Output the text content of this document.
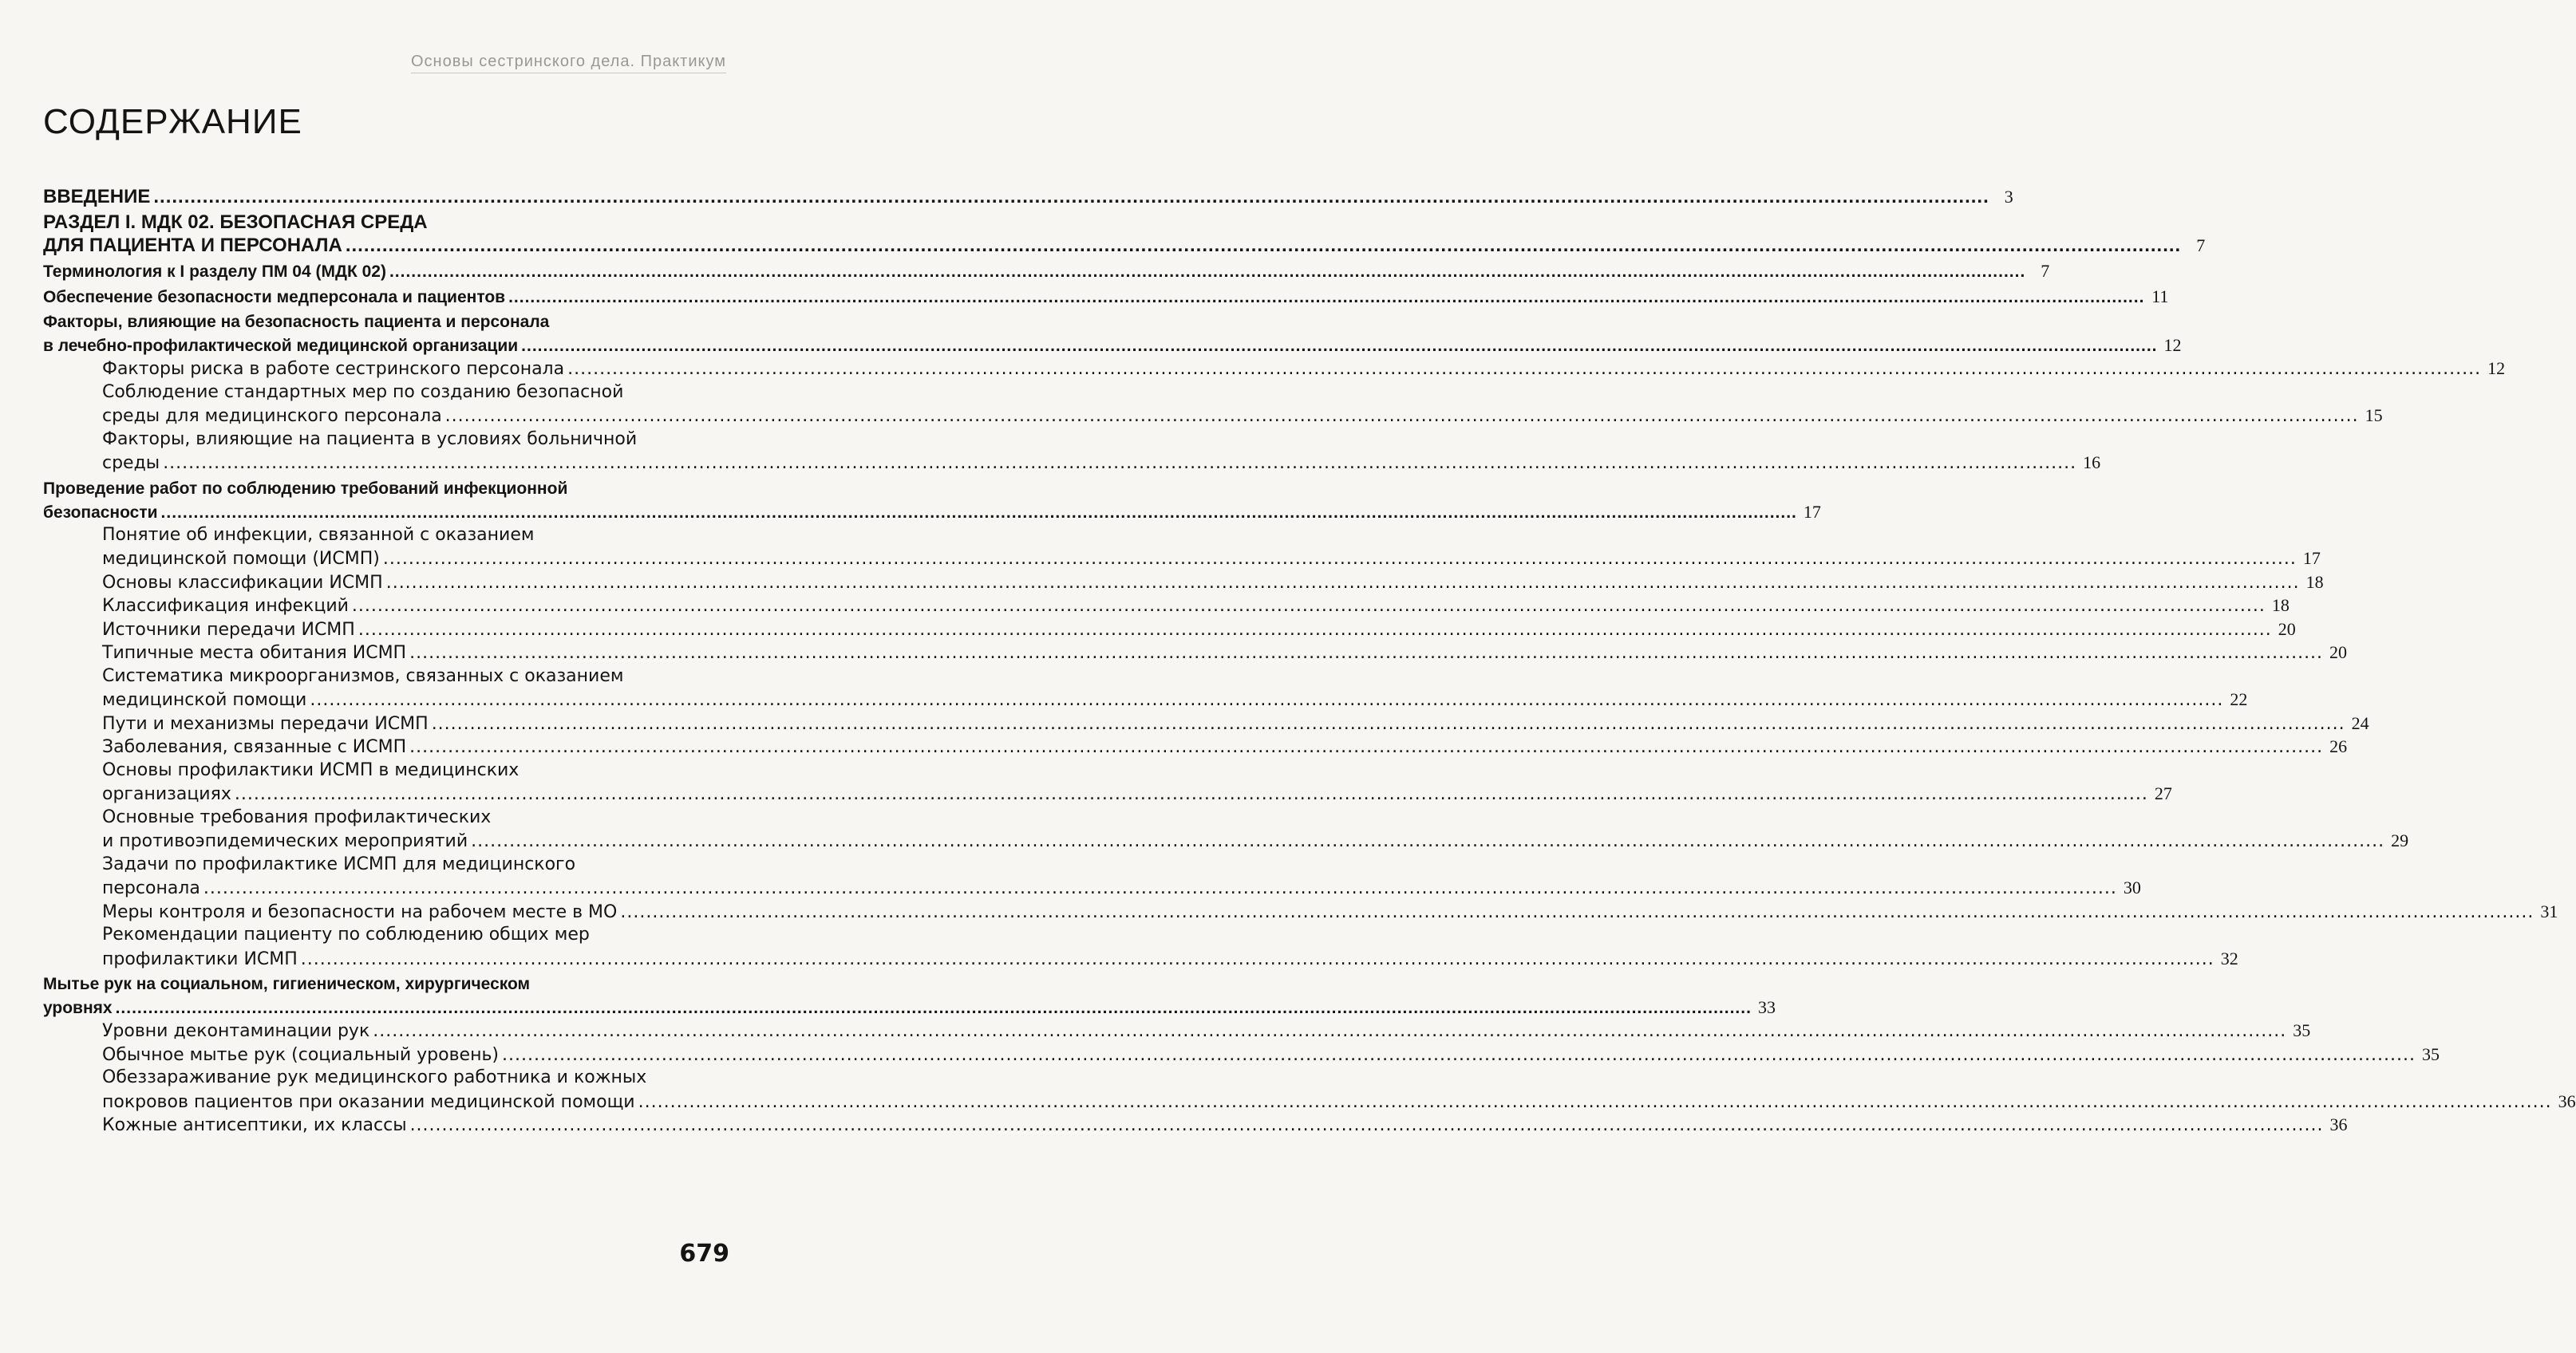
Основы сестринского дела. Практикум
СОДЕРЖАНИЕ
ВВЕДЕНИЕ ............................................................................................................................................................................................................................................................................................................ 3
РАЗДЕЛ I. МДК 02. БЕЗОПАСНАЯ СРЕДА
ДЛЯ ПАЦИЕНТА И ПЕРСОНАЛА ............................................................................................................................................................................................................................................................................................................ 7
Терминология к I разделу ПМ 04 (МДК 02) ............................................................................................................................................................................................................................................................................................................ 7
Обеспечение безопасности медперсонала и пациентов ............................................................................................................................................................................................................................................................................................................ 11
Факторы, влияющие на безопасность пациента и персонала
в лечебно-профилактической медицинской организации ............................................................................................................................................................................................................................................................................................................ 12
Факторы риска в работе сестринского персонала ............................................................................................................................................................................................................................................................................................................ 12
Соблюдение стандартных мер по созданию безопасной
среды для медицинского персонала ............................................................................................................................................................................................................................................................................................................ 15
Факторы, влияющие на пациента в условиях больничной
среды ............................................................................................................................................................................................................................................................................................................ 16
Проведение работ по соблюдению требований инфекционной
безопасности ............................................................................................................................................................................................................................................................................................................ 17
Понятие об инфекции, связанной с оказанием
медицинской помощи (ИСМП) ............................................................................................................................................................................................................................................................................................................ 17
Основы классификации ИСМП ............................................................................................................................................................................................................................................................................................................ 18
Классификация инфекций ............................................................................................................................................................................................................................................................................................................ 18
Источники передачи ИСМП ............................................................................................................................................................................................................................................................................................................ 20
Типичные места обитания ИСМП ............................................................................................................................................................................................................................................................................................................ 20
Систематика микроорганизмов, связанных с оказанием
медицинской помощи ............................................................................................................................................................................................................................................................................................................ 22
Пути и механизмы передачи ИСМП ............................................................................................................................................................................................................................................................................................................ 24
Заболевания, связанные с ИСМП ............................................................................................................................................................................................................................................................................................................ 26
Основы профилактики ИСМП в медицинских
организациях ............................................................................................................................................................................................................................................................................................................ 27
Основные требования профилактических
и противоэпидемических мероприятий ............................................................................................................................................................................................................................................................................................................ 29
Задачи по профилактике ИСМП для медицинского
персонала ............................................................................................................................................................................................................................................................................................................ 30
Меры контроля и безопасности на рабочем месте в МО ............................................................................................................................................................................................................................................................................................................ 31
Рекомендации пациенту по соблюдению общих мер
профилактики ИСМП ............................................................................................................................................................................................................................................................................................................ 32
Мытье рук на социальном, гигиеническом, хирургическом
уровнях ............................................................................................................................................................................................................................................................................................................ 33
Уровни деконтаминации рук ............................................................................................................................................................................................................................................................................................................ 35
Обычное мытье рук (социальный уровень) ............................................................................................................................................................................................................................................................................................................ 35
Обеззараживание рук медицинского работника и кожных
покровов пациентов при оказании медицинской помощи ............................................................................................................................................................................................................................................................................................................ 36
Кожные антисептики, их классы ............................................................................................................................................................................................................................................................................................................ 36
679
